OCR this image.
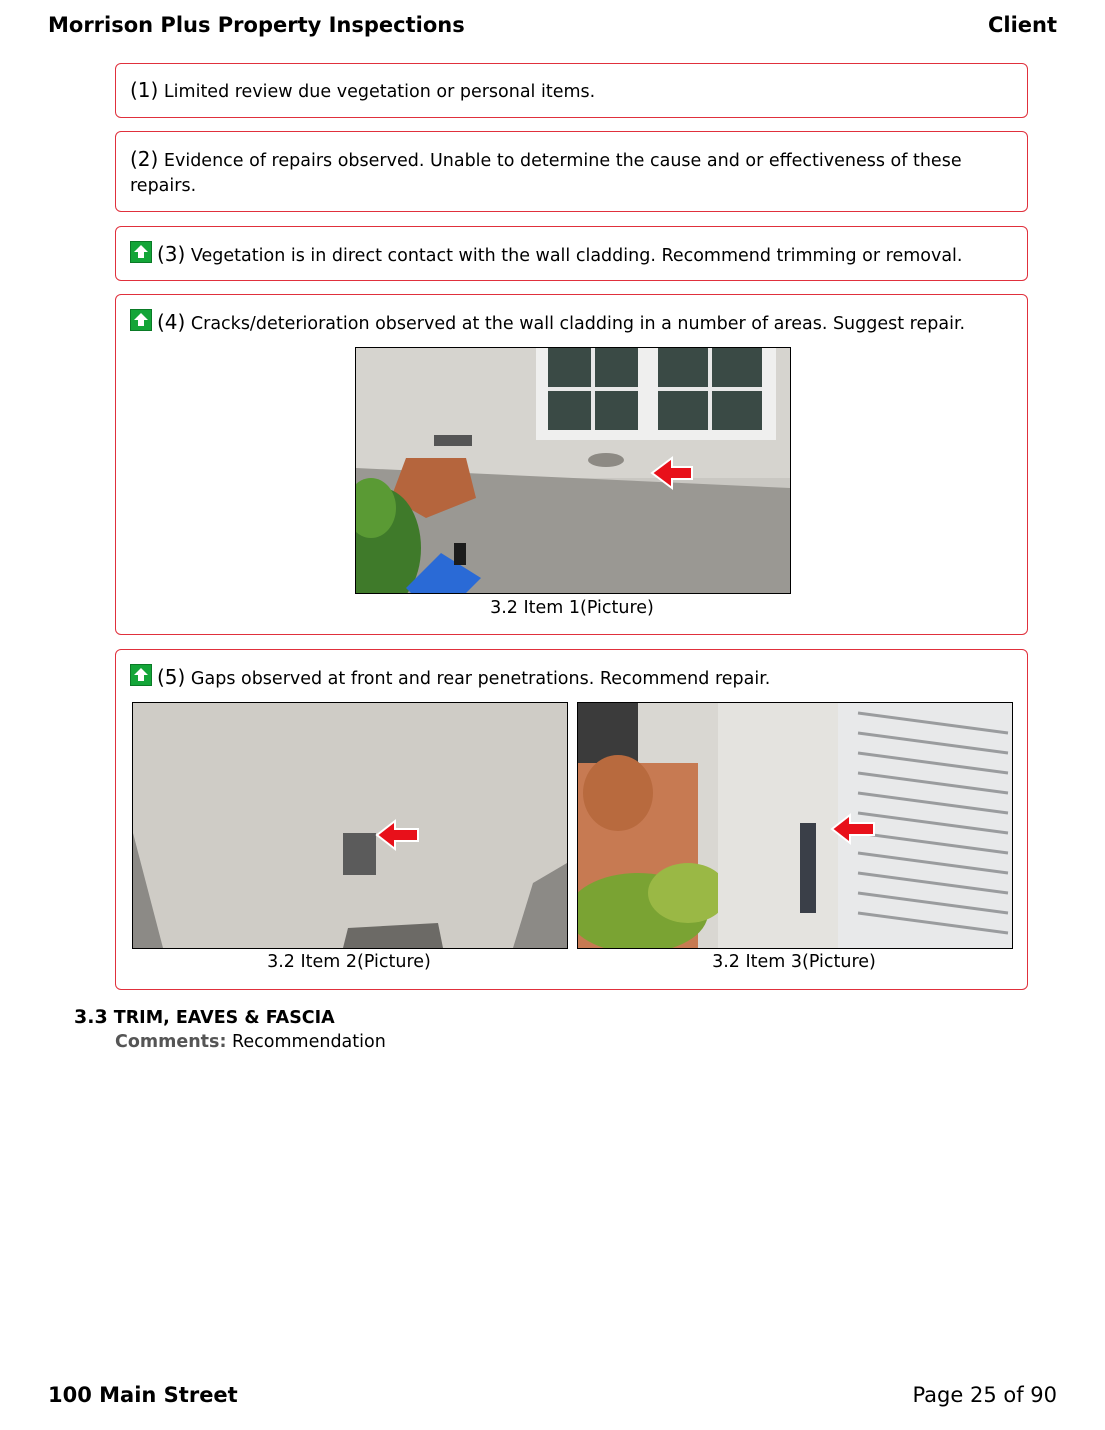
Morrison Plus Property Inspections	Client
(1) Limited review due vegetation or personal items.
(2) Evidence of repairs observed. Unable to determine the cause and or effectiveness of these repairs.
(3) Vegetation is in direct contact with the wall cladding. Recommend trimming or removal.
(4) Cracks/deterioration observed at the wall cladding in a number of areas. Suggest repair.
3.2 Item 1(Picture)
(5) Gaps observed at front and rear penetrations. Recommend repair.
3.2 Item 2(Picture)	3.2 Item 3(Picture)
3.3 TRIM, EAVES & FASCIA
Comments: Recommendation
100 Main Street	Page 25 of 90
